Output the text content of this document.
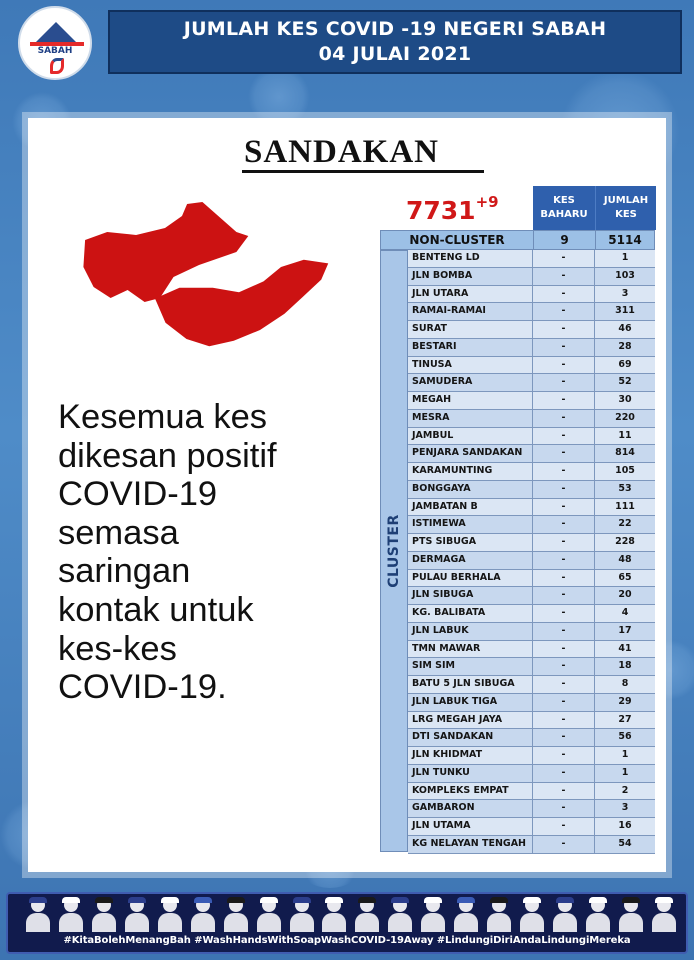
SABAH
JUMLAH KES COVID -19 NEGERI SABAH
04 JULAI 2021
SANDAKAN
Kesemua kes
dikesan positif
COVID-19
semasa
saringan
kontak untuk
kes-kes
COVID-19.
$7731^{+9}$	KES
BAHARU
JUMLAH
KES
NON-CLUSTER	9	5114
CLUSTER
BENTENG LD	-	1
JLN BOMBA	-	103
JLN UTARA	-	3
RAMAI-RAMAI	-	311
SURAT	-	46
BESTARI	-	28
TINUSA	-	69
SAMUDERA	-	52
MEGAH	-	30
MESRA	-	220
JAMBUL	-	11
PENJARA SANDAKAN	-	814
KARAMUNTING	-	105
BONGGAYA	-	53
JAMBATAN B	-	111
ISTIMEWA	-	22
PTS SIBUGA	-	228
DERMAGA	-	48
PULAU BERHALA	-	65
JLN SIBUGA	-	20
KG. BALIBATA	-	4
JLN LABUK	-	17
TMN MAWAR	-	41
SIM SIM	-	18
BATU 5 JLN SIBUGA	-	8
JLN LABUK TIGA	-	29
LRG MEGAH JAYA	-	27
DTI SANDAKAN	-	56
JLN KHIDMAT	-	1
JLN TUNKU	-	1
KOMPLEKS EMPAT	-	2
GAMBARON	-	3
JLN UTAMA	-	16
KG NELAYAN TENGAH	-	54
#KitaBolehMenangBah #WashHandsWithSoapWashCOVID-19Away #LindungiDiriAndaLindungiMereka
